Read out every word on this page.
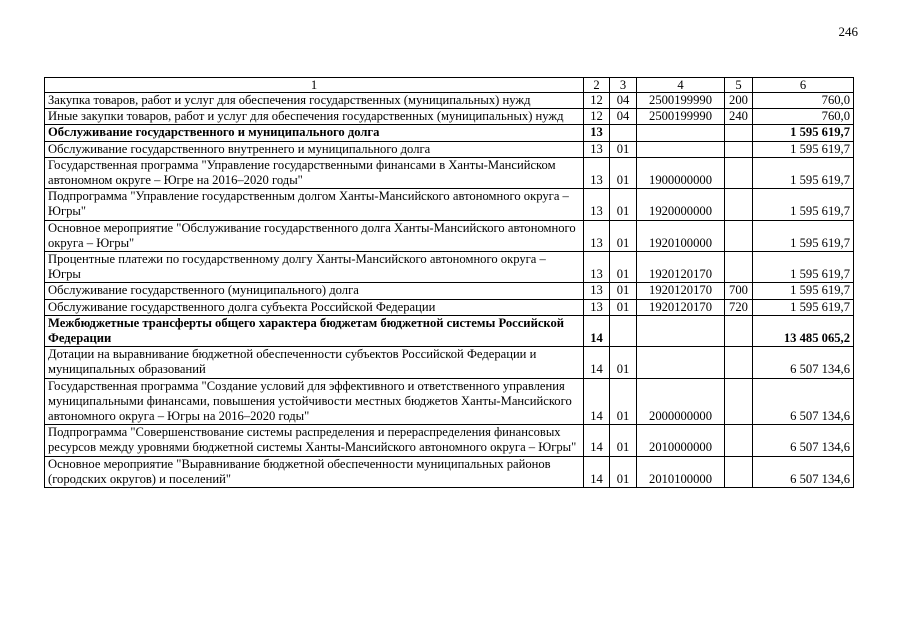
246
1	2	3	4	5	6
Закупка товаров, работ и услуг для обеспечения государственных (муниципальных) нужд	12	04	2500199990	200	760,0
Иные закупки товаров, работ и услуг для обеспечения государственных (муниципальных) нужд	12	04	2500199990	240	760,0
Обслуживание государственного и муниципального долга	13				1 595 619,7
Обслуживание государственного внутреннего и муниципального долга	13	01			1 595 619,7
Государственная программа "Управление государственными финансами в Ханты-Мансийском автономном округе – Югре на 2016–2020 годы"	13	01	1900000000		1 595 619,7
Подпрограмма "Управление государственным долгом Ханты-Мансийского автономного округа – Югры"	13	01	1920000000		1 595 619,7
Основное мероприятие "Обслуживание государственного долга Ханты-Мансийского автономного округа – Югры"	13	01	1920100000		1 595 619,7
Процентные платежи по государственному долгу Ханты-Мансийского автономного округа – Югры	13	01	1920120170		1 595 619,7
Обслуживание государственного (муниципального) долга	13	01	1920120170	700	1 595 619,7
Обслуживание государственного долга субъекта Российской Федерации	13	01	1920120170	720	1 595 619,7
Межбюджетные трансферты общего характера бюджетам бюджетной системы Российской Федерации	14				13 485 065,2
Дотации на выравнивание бюджетной обеспеченности субъектов Российской Федерации и муниципальных образований	14	01			6 507 134,6
Государственная программа "Создание условий для эффективного и ответственного управления муниципальными финансами, повышения устойчивости местных бюджетов Ханты-Мансийского автономного округа – Югры на 2016–2020 годы"	14	01	2000000000		6 507 134,6
Подпрограмма "Совершенствование системы распределения и перераспределения финансовых ресурсов между уровнями бюджетной системы Ханты-Мансийского автономного округа – Югры"	14	01	2010000000		6 507 134,6
Основное мероприятие "Выравнивание бюджетной обеспеченности муниципальных районов (городских округов) и поселений"	14	01	2010100000		6 507 134,6
